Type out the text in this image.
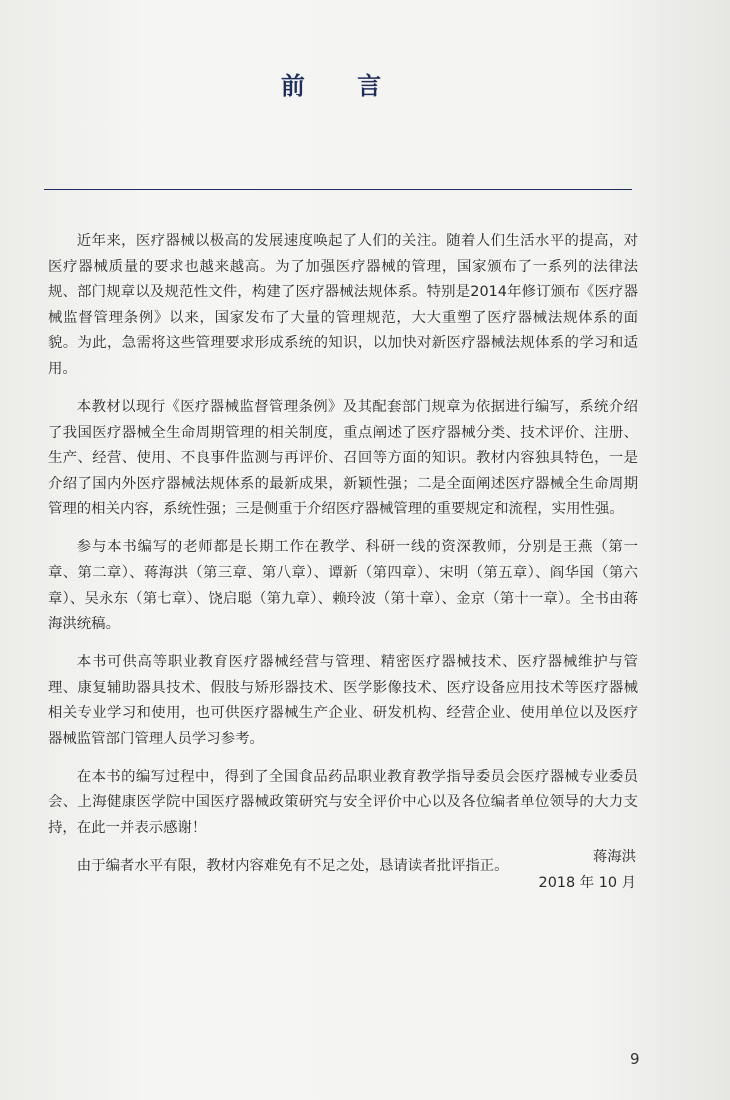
前 言

近年来，医疗器械以极高的发展速度唤起了人们的关注。随着人们生活水平的提高，对医疗器械质量的要求也越来越高。为了加强医疗器械的管理，国家颁布了一系列的法律法规、部门规章以及规范性文件，构建了医疗器械法规体系。特别是2014年修订颁布《医疗器械监督管理条例》以来，国家发布了大量的管理规范，大大重塑了医疗器械法规体系的面貌。为此，急需将这些管理要求形成系统的知识，以加快对新医疗器械法规体系的学习和适用。

本教材以现行《医疗器械监督管理条例》及其配套部门规章为依据进行编写，系统介绍了我国医疗器械全生命周期管理的相关制度，重点阐述了医疗器械分类、技术评价、注册、生产、经营、使用、不良事件监测与再评价、召回等方面的知识。教材内容独具特色，一是介绍了国内外医疗器械法规体系的最新成果，新颖性强；二是全面阐述医疗器械全生命周期管理的相关内容，系统性强；三是侧重于介绍医疗器械管理的重要规定和流程，实用性强。

参与本书编写的老师都是长期工作在教学、科研一线的资深教师，分别是王燕（第一章、第二章）、蒋海洪（第三章、第八章）、谭新（第四章）、宋明（第五章）、阎华国（第六章）、吴永东（第七章）、饶启聪（第九章）、赖玲波（第十章）、金京（第十一章）。全书由蒋海洪统稿。

本书可供高等职业教育医疗器械经营与管理、精密医疗器械技术、医疗器械维护与管理、康复辅助器具技术、假肢与矫形器技术、医学影像技术、医疗设备应用技术等医疗器械相关专业学习和使用，也可供医疗器械生产企业、研发机构、经营企业、使用单位以及医疗器械监管部门管理人员学习参考。

在本书的编写过程中，得到了全国食品药品职业教育教学指导委员会医疗器械专业委员会、上海健康医学院中国医疗器械政策研究与安全评价中心以及各位编者单位领导的大力支持，在此一并表示感谢！

由于编者水平有限，教材内容难免有不足之处，恳请读者批评指正。

蒋海洪
2018 年 10 月
9
